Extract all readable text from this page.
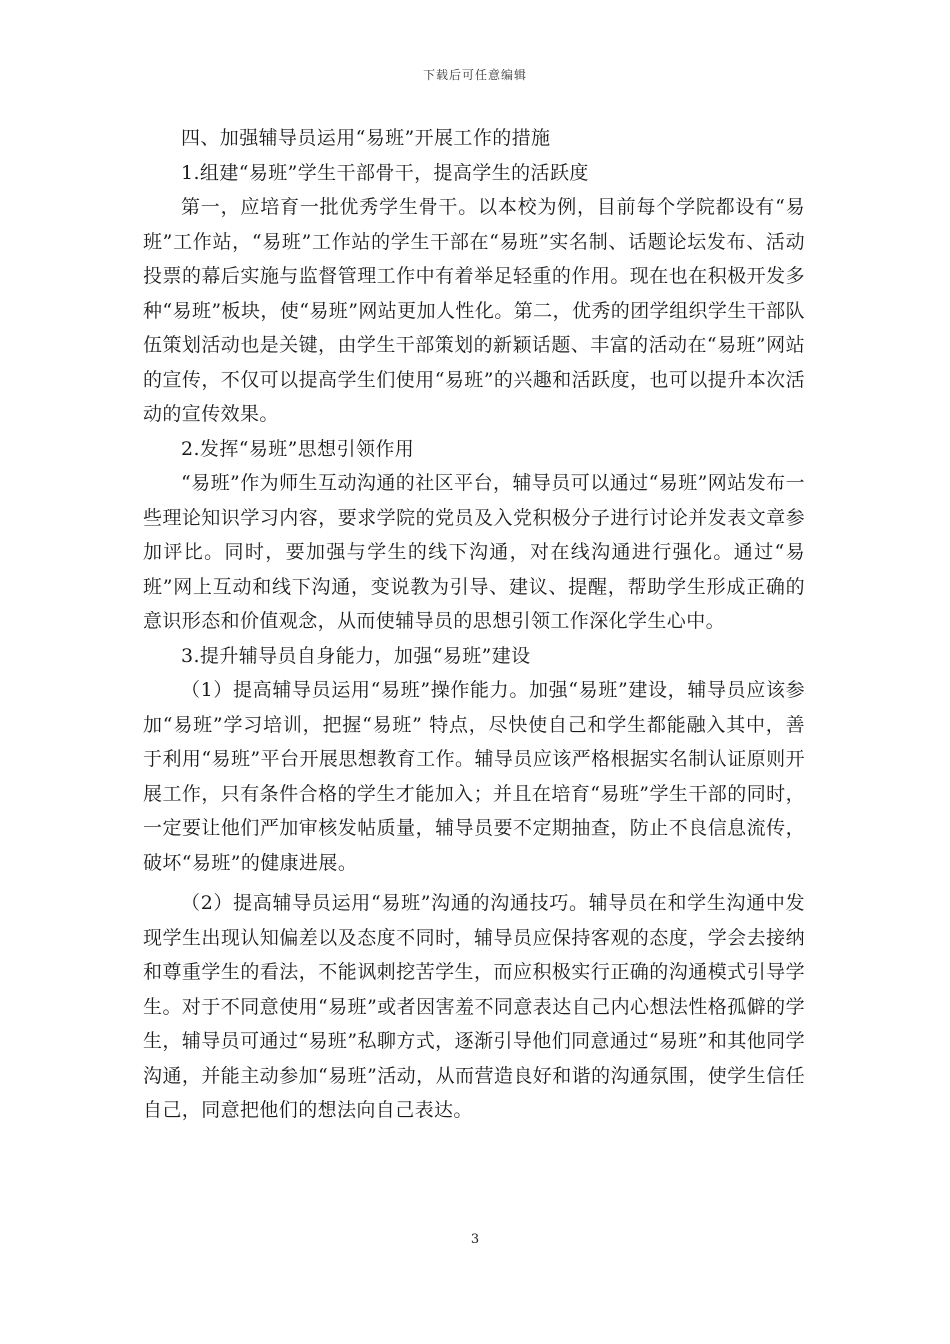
下载后可任意编辑

四、加强辅导员运用“易班”开展工作的措施

1.组建“易班”学生干部骨干，提高学生的活跃度

第一，应培育一批优秀学生骨干。以本校为例，目前每个学院都设有“易班”工作站，“易班”工作站的学生干部在“易班”实名制、话题论坛发布、活动投票的幕后实施与监督管理工作中有着举足轻重的作用。现在也在积极开发多种“易班”板块，使“易班”网站更加人性化。第二，优秀的团学组织学生干部队伍策划活动也是关键，由学生干部策划的新颖话题、丰富的活动在“易班”网站的宣传，不仅可以提高学生们使用“易班”的兴趣和活跃度，也可以提升本次活动的宣传效果。

2.发挥“易班”思想引领作用

“易班”作为师生互动沟通的社区平台，辅导员可以通过“易班”网站发布一些理论知识学习内容，要求学院的党员及入党积极分子进行讨论并发表文章参加评比。同时，要加强与学生的线下沟通，对在线沟通进行强化。通过“易班”网上互动和线下沟通，变说教为引导、建议、提醒，帮助学生形成正确的意识形态和价值观念，从而使辅导员的思想引领工作深化学生心中。

3.提升辅导员自身能力，加强“易班”建设

（1）提高辅导员运用“易班”操作能力。加强“易班”建设，辅导员应该参加“易班”学习培训，把握“易班” 特点，尽快使自己和学生都能融入其中，善于利用“易班”平台开展思想教育工作。辅导员应该严格根据实名制认证原则开展工作，只有条件合格的学生才能加入；并且在培育“易班”学生干部的同时，一定要让他们严加审核发帖质量，辅导员要不定期抽查，防止不良信息流传，破坏“易班”的健康进展。

（2）提高辅导员运用“易班”沟通的沟通技巧。辅导员在和学生沟通中发现学生出现认知偏差以及态度不同时，辅导员应保持客观的态度，学会去接纳和尊重学生的看法，不能讽刺挖苦学生，而应积极实行正确的沟通模式引导学生。对于不同意使用“易班”或者因害羞不同意表达自己内心想法性格孤僻的学生，辅导员可通过“易班”私聊方式，逐渐引导他们同意通过“易班”和其他同学沟通，并能主动参加“易班”活动，从而营造良好和谐的沟通氛围，使学生信任自己，同意把他们的想法向自己表达。

3
